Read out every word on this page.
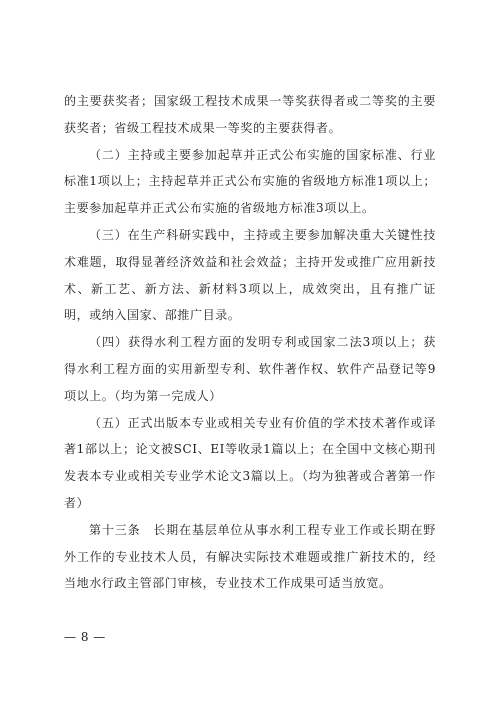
的主要获奖者；国家级工程技术成果一等奖获得者或二等奖的主要获奖者；省级工程技术成果一等奖的主要获得者。

（二）主持或主要参加起草并正式公布实施的国家标准、行业标准1项以上；主持起草并正式公布实施的省级地方标准1项以上；主要参加起草并正式公布实施的省级地方标准3项以上。

（三）在生产科研实践中，主持或主要参加解决重大关键性技术难题，取得显著经济效益和社会效益；主持开发或推广应用新技术、新工艺、新方法、新材料3项以上，成效突出，且有推广证明，或纳入国家、部推广目录。

（四）获得水利工程方面的发明专利或国家二法3项以上；获得水利工程方面的实用新型专利、软件著作权、软件产品登记等9项以上。（均为第一完成人）

（五）正式出版本专业或相关专业有价值的学术技术著作或译著1部以上；论文被SCI、EI等收录1篇以上；在全国中文核心期刊发表本专业或相关专业学术论文3篇以上。（均为独著或合著第一作者）

第十三条　长期在基层单位从事水利工程专业工作或长期在野外工作的专业技术人员，有解决实际技术难题或推广新技术的，经当地水行政主管部门审核，专业技术工作成果可适当放宽。

— 8 —
